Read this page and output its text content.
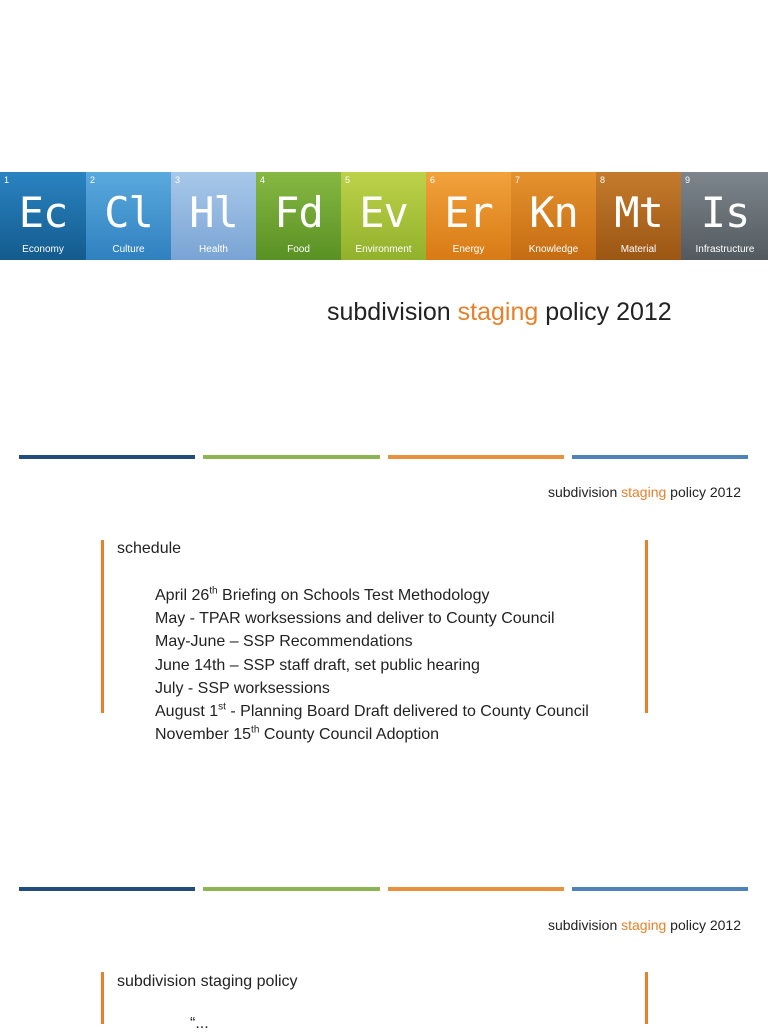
1
Ec
Economy
2
Cl
Culture
3
Hl
Health
4
Fd
Food
5
Ev
Environment
6
Er
Energy
7
Kn
Knowledge
8
Mt
Material
9
Is
Infrastructure
subdivision staging policy 2012
subdivision staging policy 2012
schedule
April 26th Briefing on Schools Test Methodology
May - TPAR worksessions and deliver to County Council
May-June – SSP Recommendations
June 14th – SSP staff draft, set public hearing
July - SSP worksessions
August 1st - Planning Board Draft delivered to County Council
November 15th County Council Adoption
subdivision staging policy 2012
subdivision staging policy
“...
